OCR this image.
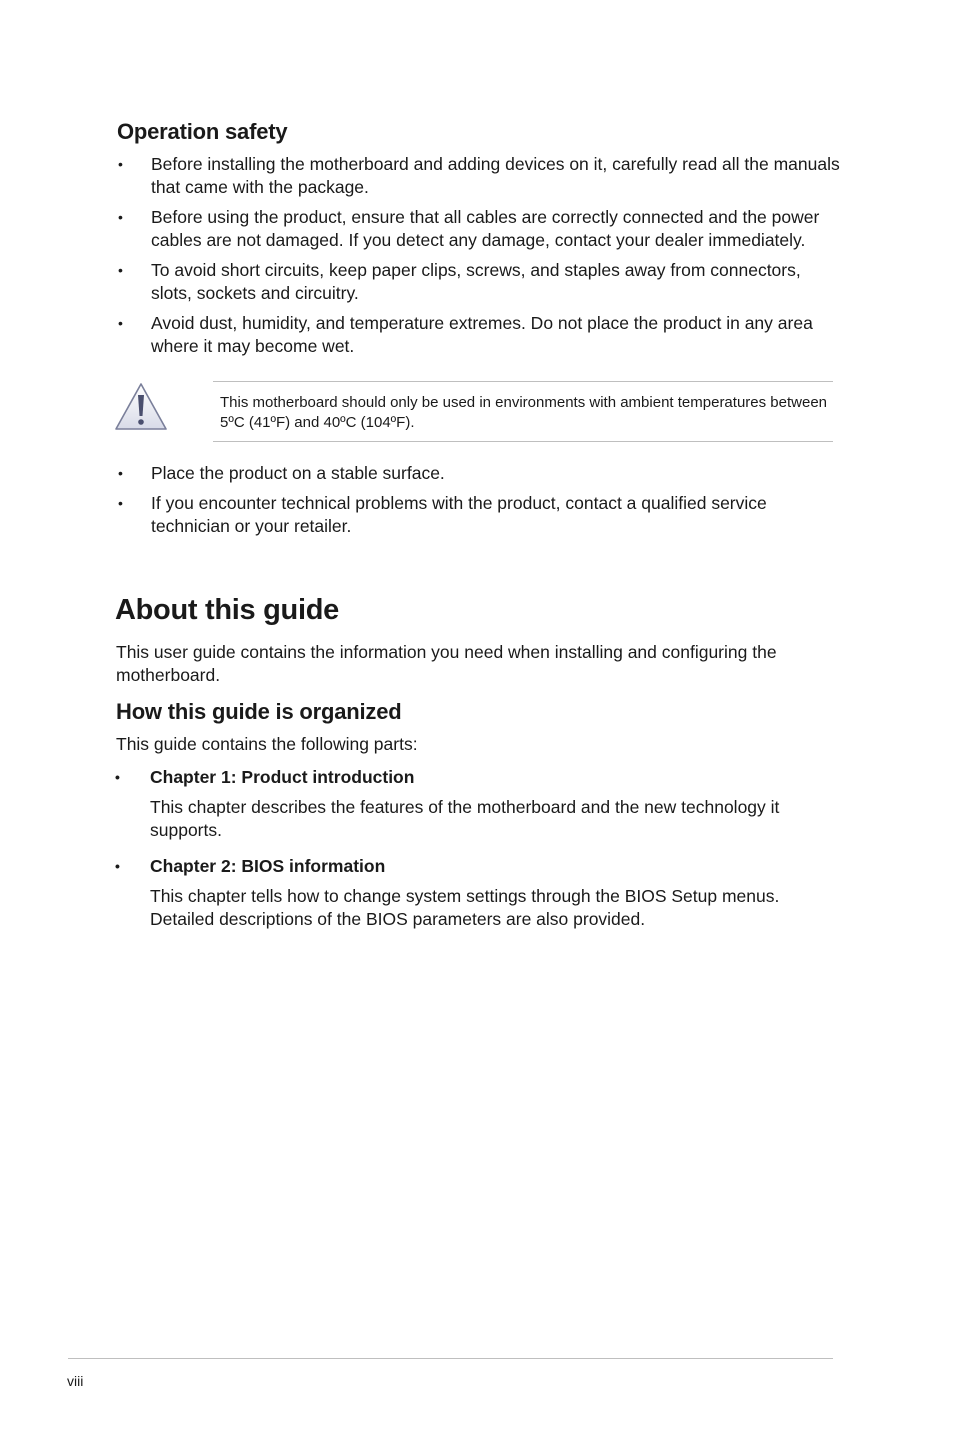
Operation safety
• Before installing the motherboard and adding devices on it, carefully read all the manuals that came with the package.
• Before using the product, ensure that all cables are correctly connected and the power cables are not damaged. If you detect any damage, contact your dealer immediately.
• To avoid short circuits, keep paper clips, screws, and staples away from connectors, slots, sockets and circuitry.
• Avoid dust, humidity, and temperature extremes. Do not place the product in any area where it may become wet.

This motherboard should only be used in environments with ambient temperatures between 5ºC (41ºF) and 40ºC (104ºF).

• Place the product on a stable surface.
• If you encounter technical problems with the product, contact a qualified service technician or your retailer.
About this guide

This user guide contains the information you need when installing and configuring the motherboard.

How this guide is organized

This guide contains the following parts:

• Chapter 1: Product introduction

This chapter describes the features of the motherboard and the new technology it supports.

• Chapter 2: BIOS information

This chapter tells how to change system settings through the BIOS Setup menus. Detailed descriptions of the BIOS parameters are also provided.

viii
